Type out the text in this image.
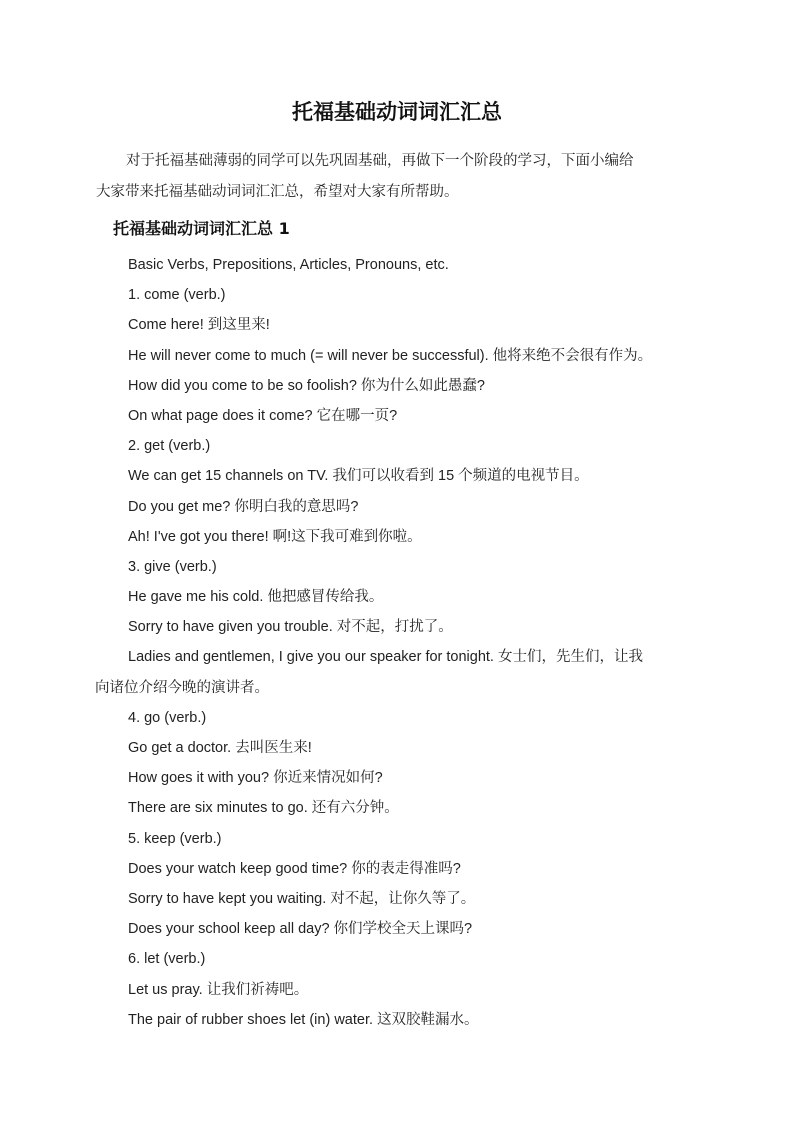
托福基础动词词汇汇总
对于托福基础薄弱的同学可以先巩固基础，再做下一个阶段的学习，下面小编给
大家带来托福基础动词词汇汇总，希望对大家有所帮助。
托福基础动词词汇汇总 1
Basic Verbs, Prepositions, Articles, Pronouns, etc.
1. come (verb.)
Come here! 到这里来!
He will never come to much (= will never be successful). 他将来绝不会很有作为。
How did you come to be so foolish? 你为什么如此愚蠢?
On what page does it come? 它在哪一页?
2. get (verb.)
We can get 15 channels on TV. 我们可以收看到 15 个频道的电视节目。
Do you get me? 你明白我的意思吗?
Ah! I've got you there! 啊!这下我可难到你啦。
3. give (verb.)
He gave me his cold. 他把感冒传给我。
Sorry to have given you trouble. 对不起，打扰了。
Ladies and gentlemen, I give you our speaker for tonight. 女士们，先生们，让我
向诸位介绍今晚的演讲者。
4. go (verb.)
Go get a doctor. 去叫医生来!
How goes it with you? 你近来情况如何?
There are six minutes to go. 还有六分钟。
5. keep (verb.)
Does your watch keep good time? 你的表走得准吗?
Sorry to have kept you waiting. 对不起，让你久等了。
Does your school keep all day? 你们学校全天上课吗?
6. let (verb.)
Let us pray. 让我们祈祷吧。
The pair of rubber shoes let (in) water. 这双胶鞋漏水。
